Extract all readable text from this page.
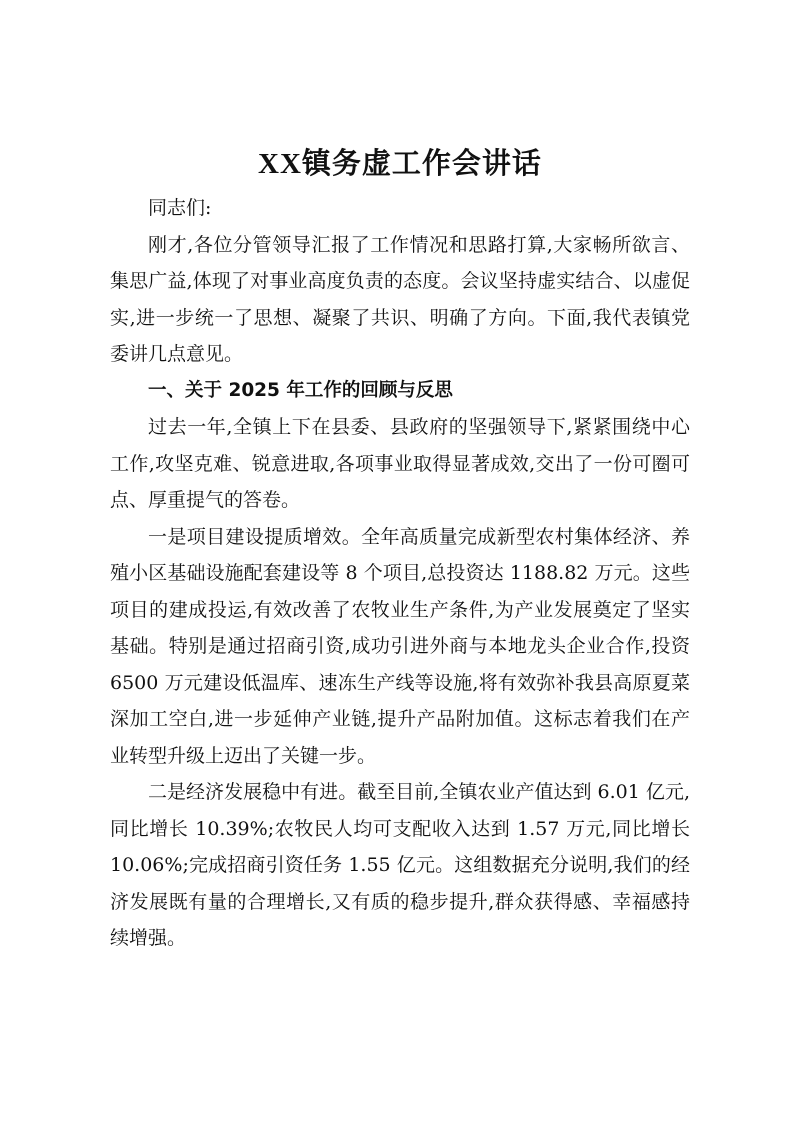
XX镇务虚工作会讲话

同志们:

刚才,各位分管领导汇报了工作情况和思路打算,大家畅所欲言、集思广益,体现了对事业高度负责的态度。会议坚持虚实结合、以虚促实,进一步统一了思想、凝聚了共识、明确了方向。下面,我代表镇党委讲几点意见。

一、关于 2025 年工作的回顾与反思

过去一年,全镇上下在县委、县政府的坚强领导下,紧紧围绕中心工作,攻坚克难、锐意进取,各项事业取得显著成效,交出了一份可圈可点、厚重提气的答卷。

一是项目建设提质增效。全年高质量完成新型农村集体经济、养殖小区基础设施配套建设等 8 个项目,总投资达 1188.82 万元。这些项目的建成投运,有效改善了农牧业生产条件,为产业发展奠定了坚实基础。特别是通过招商引资,成功引进外商与本地龙头企业合作,投资 6500 万元建设低温库、速冻生产线等设施,将有效弥补我县高原夏菜深加工空白,进一步延伸产业链,提升产品附加值。这标志着我们在产业转型升级上迈出了关键一步。

二是经济发展稳中有进。截至目前,全镇农业产值达到 6.01 亿元,同比增长 10.39%;农牧民人均可支配收入达到 1.57 万元,同比增长 10.06%;完成招商引资任务 1.55 亿元。这组数据充分说明,我们的经济发展既有量的合理增长,又有质的稳步提升,群众获得感、幸福感持续增强。
